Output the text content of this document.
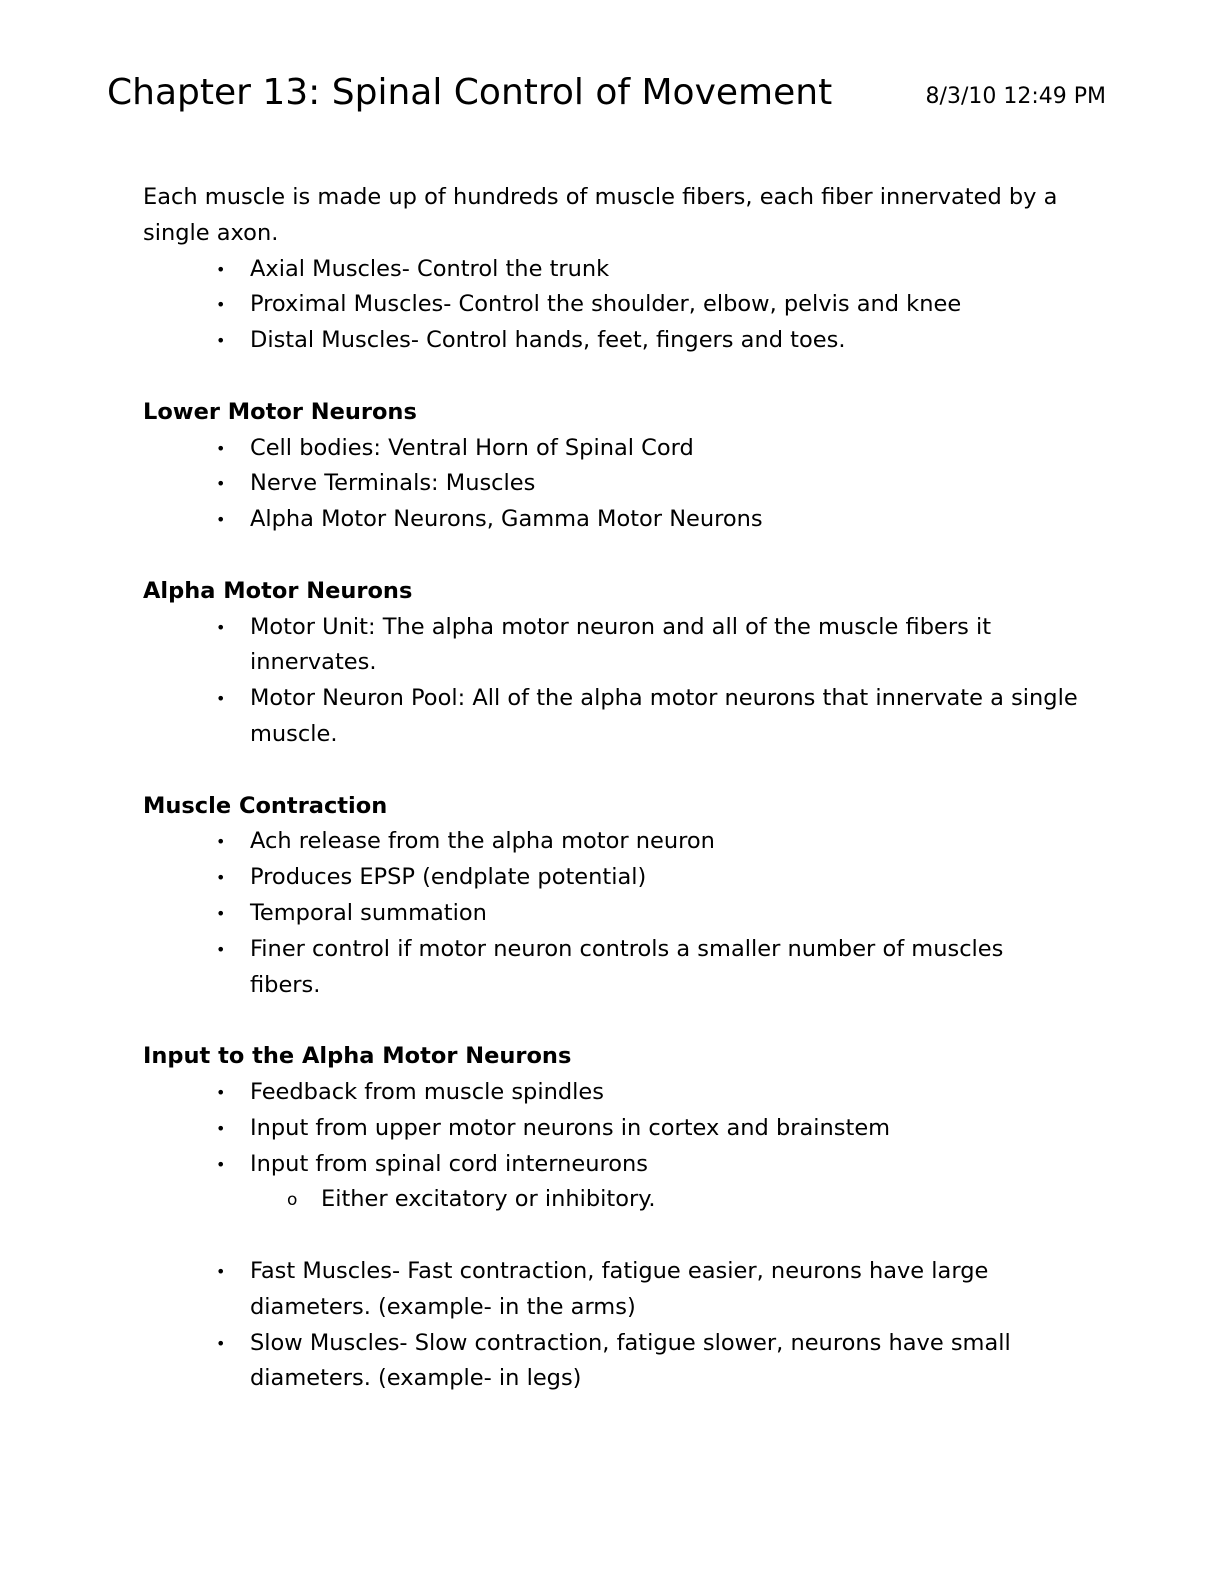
Chapter 13: Spinal Control of Movement	8/3/10 12:49 PM

Each muscle is made up of hundreds of muscle fibers, each fiber innervated by a single axon.

• Axial Muscles- Control the trunk
• Proximal Muscles- Control the shoulder, elbow, pelvis and knee
• Distal Muscles- Control hands, feet, fingers and toes.

Lower Motor Neurons

• Cell bodies: Ventral Horn of Spinal Cord
• Nerve Terminals: Muscles
• Alpha Motor Neurons, Gamma Motor Neurons

Alpha Motor Neurons

• Motor Unit: The alpha motor neuron and all of the muscle fibers it innervates.
• Motor Neuron Pool: All of the alpha motor neurons that innervate a single muscle.

Muscle Contraction

• Ach release from the alpha motor neuron
• Produces EPSP (endplate potential)
• Temporal summation
• Finer control if motor neuron controls a smaller number of muscles fibers.

Input to the Alpha Motor Neurons

• Feedback from muscle spindles
• Input from upper motor neurons in cortex and brainstem
• Input from spinal cord interneurons
o Either excitatory or inhibitory.
• Fast Muscles- Fast contraction, fatigue easier, neurons have large diameters. (example- in the arms)
• Slow Muscles- Slow contraction, fatigue slower, neurons have small diameters. (example- in legs)
